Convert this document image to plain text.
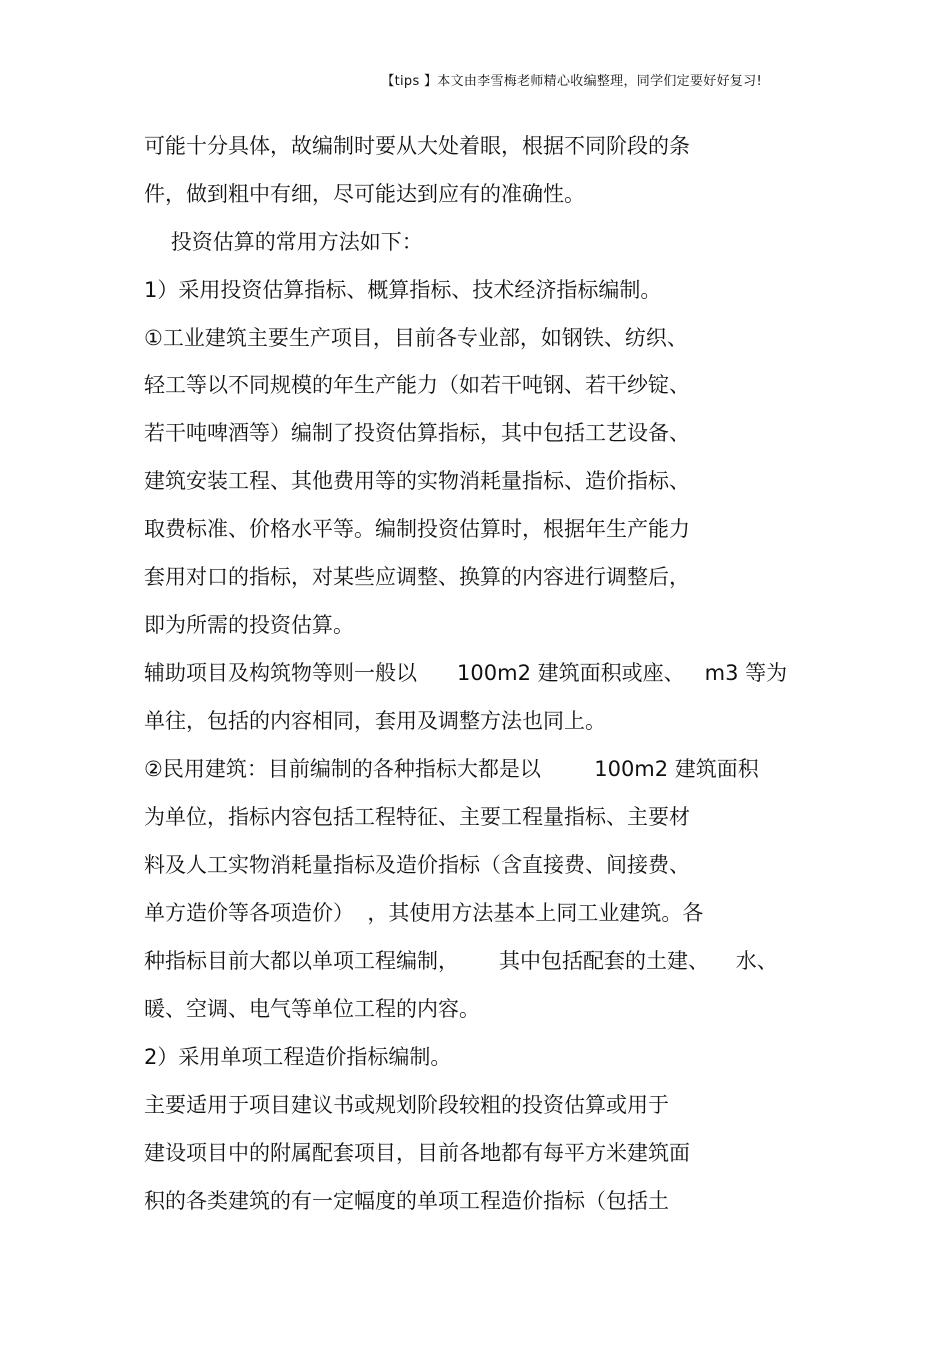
【tips 】本文由李雪梅老师精心收编整理，同学们定要好好复习!
可能十分具体，故编制时要从大处着眼，根据不同阶段的条
件，做到粗中有细，尽可能达到应有的准确性。
投资估算的常用方法如下：
1）采用投资估算指标、概算指标、技术经济指标编制。
①工业建筑主要生产项目，目前各专业部，如钢铁、纺织、
轻工等以不同规模的年生产能力（如若干吨钢、若干纱锭、
若干吨啤酒等）编制了投资估算指标，其中包括工艺设备、
建筑安装工程、其他费用等的实物消耗量指标、造价指标、
取费标准、价格水平等。编制投资估算时，根据年生产能力
套用对口的指标，对某些应调整、换算的内容进行调整后，
即为所需的投资估算。
辅助项目及构筑物等则一般以      100m2 建筑面积或座、   m3 等为
单往，包括的内容相同，套用及调整方法也同上。
②民用建筑：目前编制的各种指标大都是以        100m2 建筑面积
为单位，指标内容包括工程特征、主要工程量指标、主要材
料及人工实物消耗量指标及造价指标（含直接费、间接费、
单方造价等各项造价）  ，其使用方法基本上同工业建筑。各
种指标目前大都以单项工程编制，      其中包括配套的土建、    水、
暖、空调、电气等单位工程的内容。
2）采用单项工程造价指标编制。
主要适用于项目建议书或规划阶段较粗的投资估算或用于
建设项目中的附属配套项目，目前各地都有每平方米建筑面
积的各类建筑的有一定幅度的单项工程造价指标（包括土
